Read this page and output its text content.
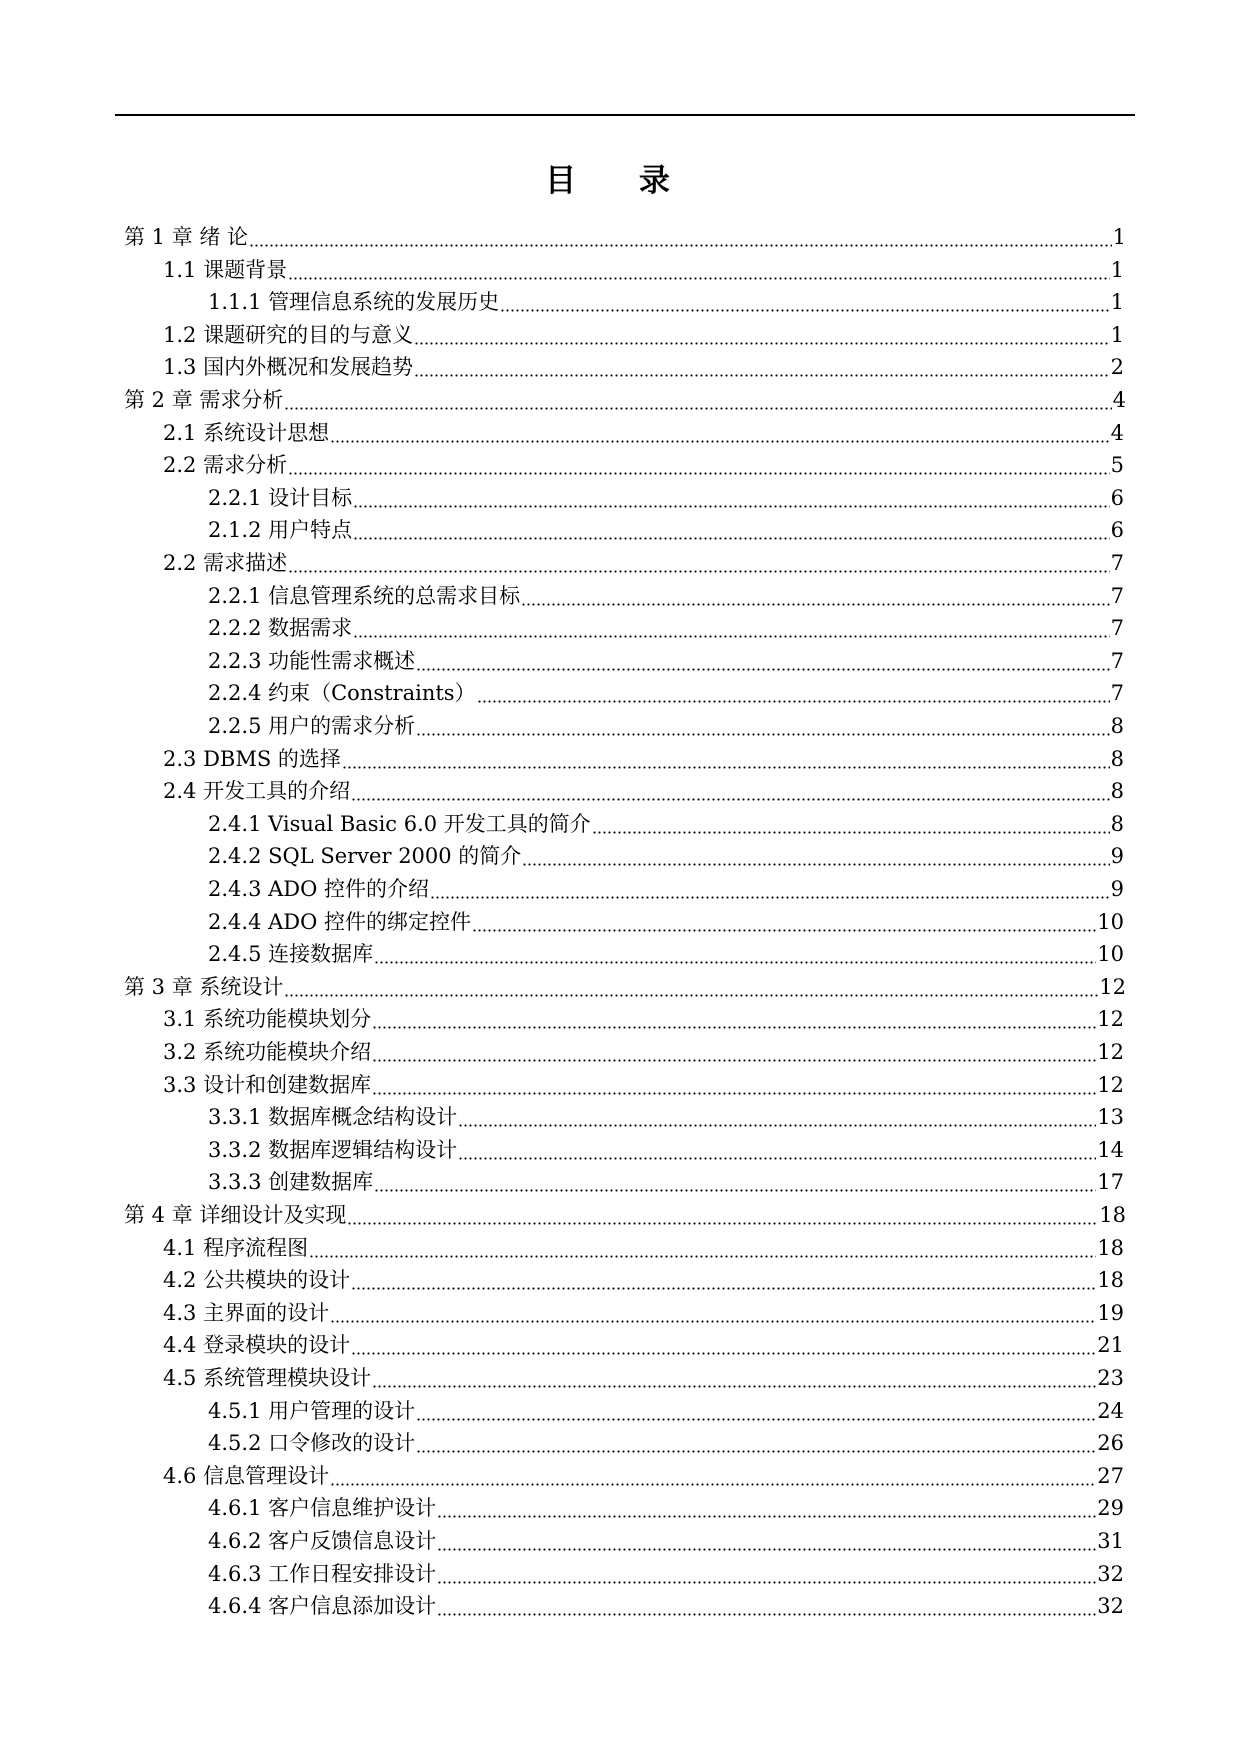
目 录
第 1 章 绪 论	1
1.1 课题背景	1
1.1.1 管理信息系统的发展历史	1
1.2 课题研究的目的与意义	1
1.3 国内外概况和发展趋势	2
第 2 章 需求分析	4
2.1 系统设计思想	4
2.2 需求分析	5
2.2.1 设计目标	6
2.1.2 用户特点	6
2.2 需求描述	7
2.2.1 信息管理系统的总需求目标	7
2.2.2 数据需求	7
2.2.3 功能性需求概述	7
2.2.4 约束（Constraints）	7
2.2.5 用户的需求分析	8
2.3 DBMS 的选择	8
2.4 开发工具的介绍	8
2.4.1 Visual Basic 6.0 开发工具的简介	8
2.4.2 SQL Server 2000 的简介	9
2.4.3 ADO 控件的介绍	9
2.4.4 ADO 控件的绑定控件	10
2.4.5 连接数据库	10
第 3 章 系统设计	12
3.1 系统功能模块划分	12
3.2 系统功能模块介绍	12
3.3 设计和创建数据库	12
3.3.1 数据库概念结构设计	13
3.3.2 数据库逻辑结构设计	14
3.3.3 创建数据库	17
第 4 章 详细设计及实现	18
4.1 程序流程图	18
4.2 公共模块的设计	18
4.3 主界面的设计	19
4.4 登录模块的设计	21
4.5 系统管理模块设计	23
4.5.1 用户管理的设计	24
4.5.2 口令修改的设计	26
4.6 信息管理设计	27
4.6.1 客户信息维护设计	29
4.6.2 客户反馈信息设计	31
4.6.3 工作日程安排设计	32
4.6.4 客户信息添加设计	32
